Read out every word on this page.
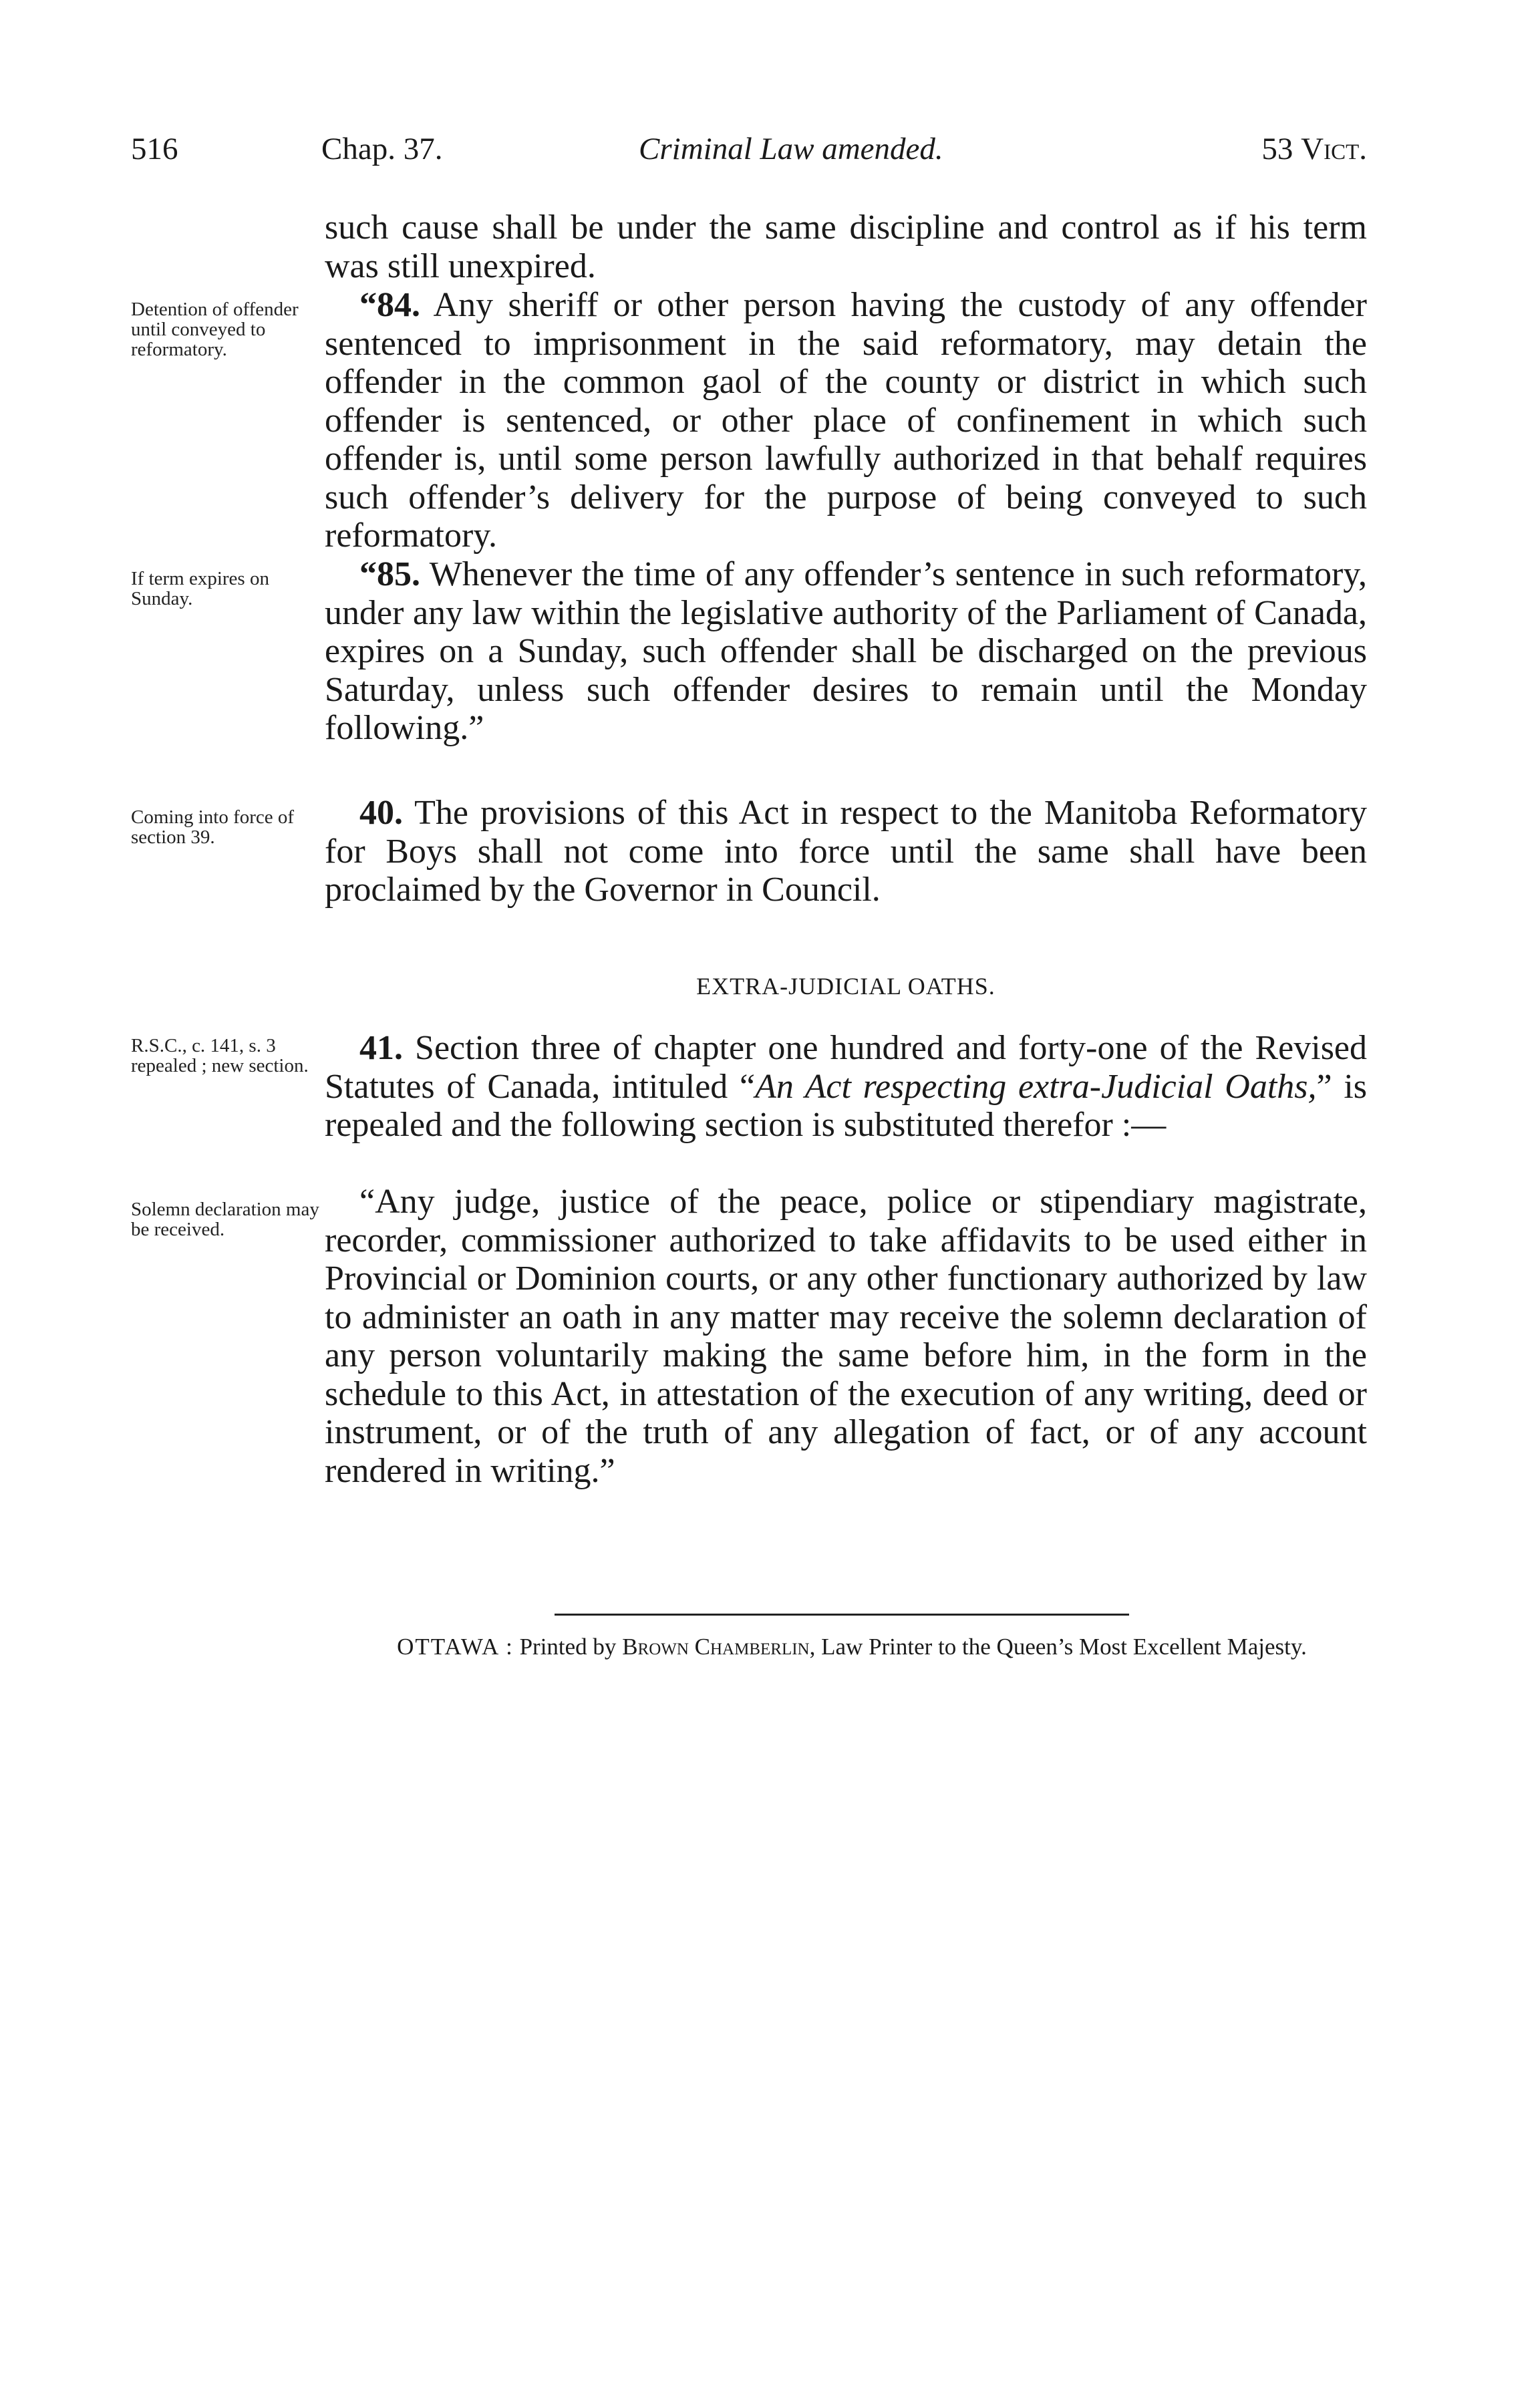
516	Chap. 37.	Criminal Law amended.	53 Vict.

such cause shall be under the same discipline and control as if his term was still unexpired.

Detention of offender until conveyed to reformatory.

“84. Any sheriff or other person having the custody of any offender sentenced to imprisonment in the said reformatory, may detain the offender in the common gaol of the county or district in which such offender is sentenced, or other place of confinement in which such offender is, until some person lawfully authorized in that behalf requires such offender’s delivery for the purpose of being conveyed to such reformatory.

If term expires on Sunday.

“85. Whenever the time of any offender’s sentence in such reformatory, under any law within the legislative authority of the Parliament of Canada, expires on a Sunday, such offender shall be discharged on the previous Saturday, unless such offender desires to remain until the Monday following.”

Coming into force of section 39.

40. The provisions of this Act in respect to the Manitoba Reformatory for Boys shall not come into force until the same shall have been proclaimed by the Governor in Council.

EXTRA-JUDICIAL OATHS.
R.S.C., c. 141, s. 3 repealed ; new section.	41. Section three of chapter one hundred and forty-one of the Revised Statutes of Canada, intituled “An Act respecting extra-Judicial Oaths,” is repealed and the following section is substituted therefor :—

Solemn declaration may be received.

“Any judge, justice of the peace, police or stipendiary magistrate, recorder, commissioner authorized to take affidavits to be used either in Provincial or Dominion courts, or any other functionary authorized by law to administer an oath in any matter may receive the solemn declaration of any person voluntarily making the same before him, in the form in the schedule to this Act, in attestation of the execution of any writing, deed or instrument, or of the truth of any allegation of fact, or of any account rendered in writing.”

OTTAWA : Printed by Brown Chamberlin, Law Printer to the Queen’s Most Excellent Majesty.
